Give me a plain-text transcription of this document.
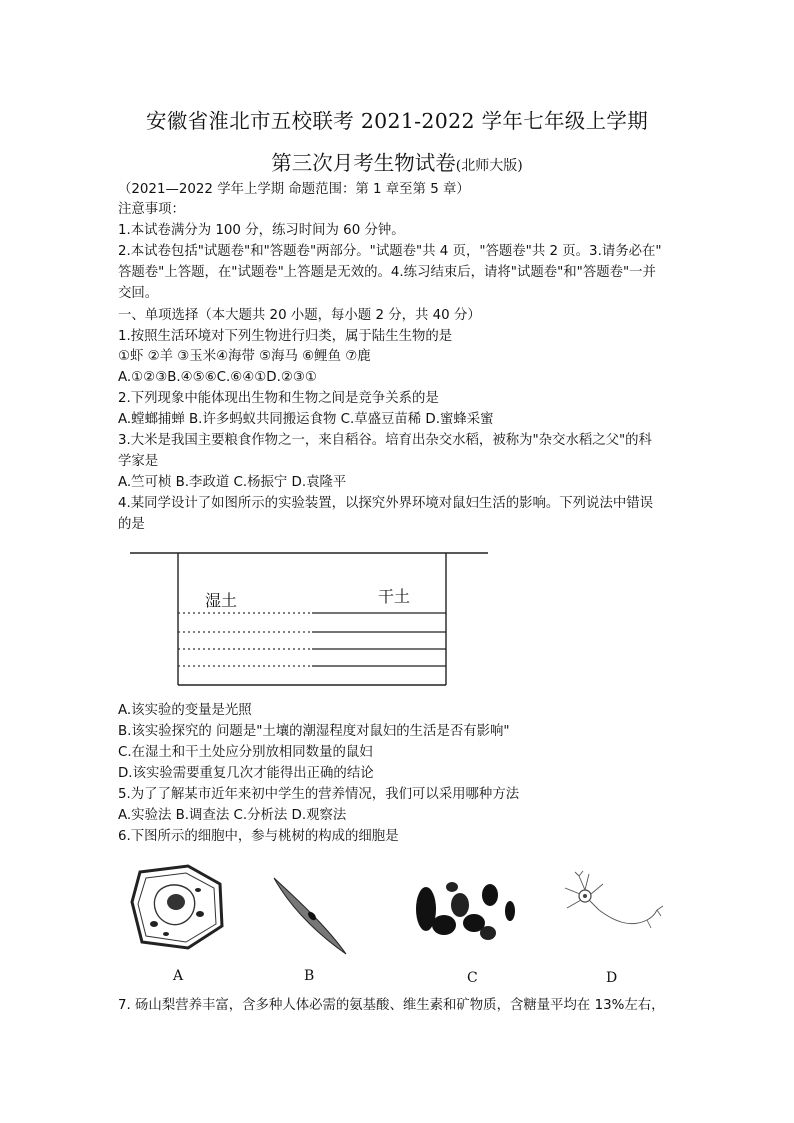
安徽省淮北市五校联考 2021-2022 学年七年级上学期
第三次月考生物试卷(北师大版)
（2021—2022 学年上学期 命题范围：第 1 章至第 5 章）
注意事项：
1.本试卷满分为 100 分，练习时间为 60 分钟。
2.本试卷包括"试题卷"和"答题卷"两部分。"试题卷"共 4 页，"答题卷"共 2 页。3.请务必在"
答题卷"上答题，在"试题卷"上答题是无效的。4.练习结束后，请将"试题卷"和"答题卷"一并
交回。
一、单项选择（本大题共 20 小题，每小题 2 分，共 40 分）
1.按照生活环境对下列生物进行归类，属于陆生生物的是
①虾 ②羊 ③玉米④海带 ⑤海马 ⑥鲤鱼 ⑦鹿
A.①②③B.④⑤⑥C.⑥④①D.②③①
2.下列现象中能体现出生物和生物之间是竞争关系的是
A.螳螂捕蝉 B.许多蚂蚁共同搬运食物 C.草盛豆苗稀 D.蜜蜂采蜜
3.大米是我国主要粮食作物之一，来自稻谷。培育出杂交水稻，被称为"杂交水稻之父"的科
学家是
A.竺可桢 B.李政道 C.杨振宁 D.袁隆平
4.某同学设计了如图所示的实验装置，以探究外界环境对鼠妇生活的影响。下列说法中错误
的是
湿土	干土
A.该实验的变量是光照
B.该实验探究的 问题是"土壤的潮湿程度对鼠妇的生活是否有影响"
C.在湿土和干土处应分别放相同数量的鼠妇
D.该实验需要重复几次才能得出正确的结论
5.为了了解某市近年来初中学生的营养情况，我们可以采用哪种方法
A.实验法 B.调查法 C.分析法 D.观察法
6.下图所示的细胞中，参与桃树的构成的细胞是
A	B	C	D
7. 砀山梨营养丰富，含多种人体必需的氨基酸、维生素和矿物质，含糖量平均在 13%左右，
